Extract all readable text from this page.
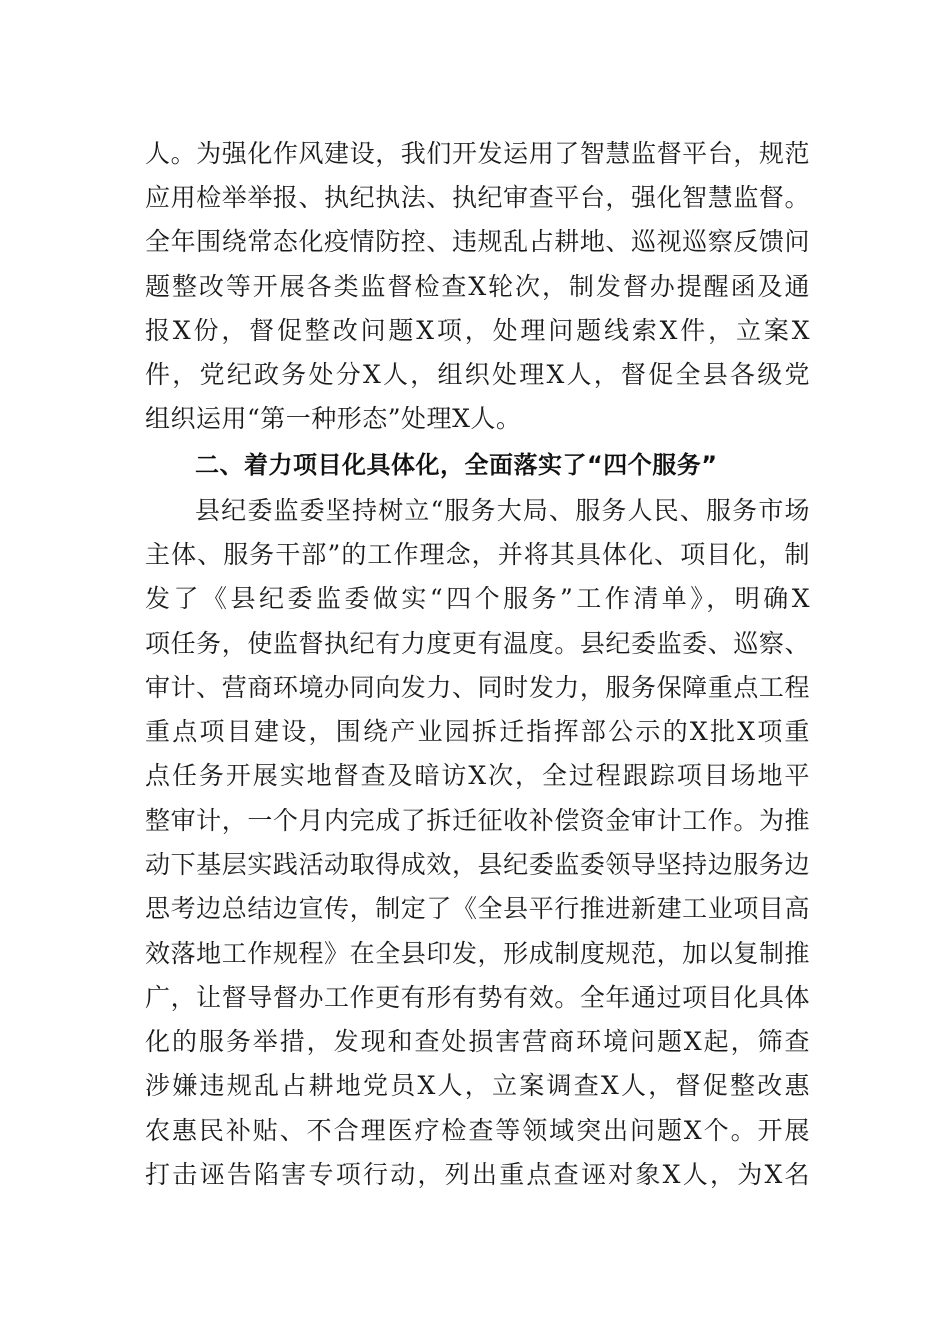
人。为强化作风建设，我们开发运用了智慧监督平台，规范
应用检举举报、执纪执法、执纪审查平台，强化智慧监督。
全年围绕常态化疫情防控、违规乱占耕地、巡视巡察反馈问
题整改等开展各类监督检查X轮次，制发督办提醒函及通
报X份，督促整改问题X项，处理问题线索X件，立案X
件，党纪政务处分X人，组织处理X人，督促全县各级党
组织运用“第一种形态”处理X人。
二、着力项目化具体化，全面落实了“四个服务”
县纪委监委坚持树立“服务大局、服务人民、服务市场
主体、服务干部”的工作理念，并将其具体化、项目化，制
发了《县纪委监委做实“四个服务”工作清单》，明确X
项任务，使监督执纪有力度更有温度。县纪委监委、巡察、
审计、营商环境办同向发力、同时发力，服务保障重点工程
重点项目建设，围绕产业园拆迁指挥部公示的X批X项重
点任务开展实地督查及暗访X次，全过程跟踪项目场地平
整审计，一个月内完成了拆迁征收补偿资金审计工作。为推
动下基层实践活动取得成效，县纪委监委领导坚持边服务边
思考边总结边宣传，制定了《全县平行推进新建工业项目高
效落地工作规程》在全县印发，形成制度规范，加以复制推
广，让督导督办工作更有形有势有效。全年通过项目化具体
化的服务举措，发现和查处损害营商环境问题X起，筛查
涉嫌违规乱占耕地党员X人，立案调查X人，督促整改惠
农惠民补贴、不合理医疗检查等领域突出问题X个。开展
打击诬告陷害专项行动，列出重点查诬对象X人，为X名
